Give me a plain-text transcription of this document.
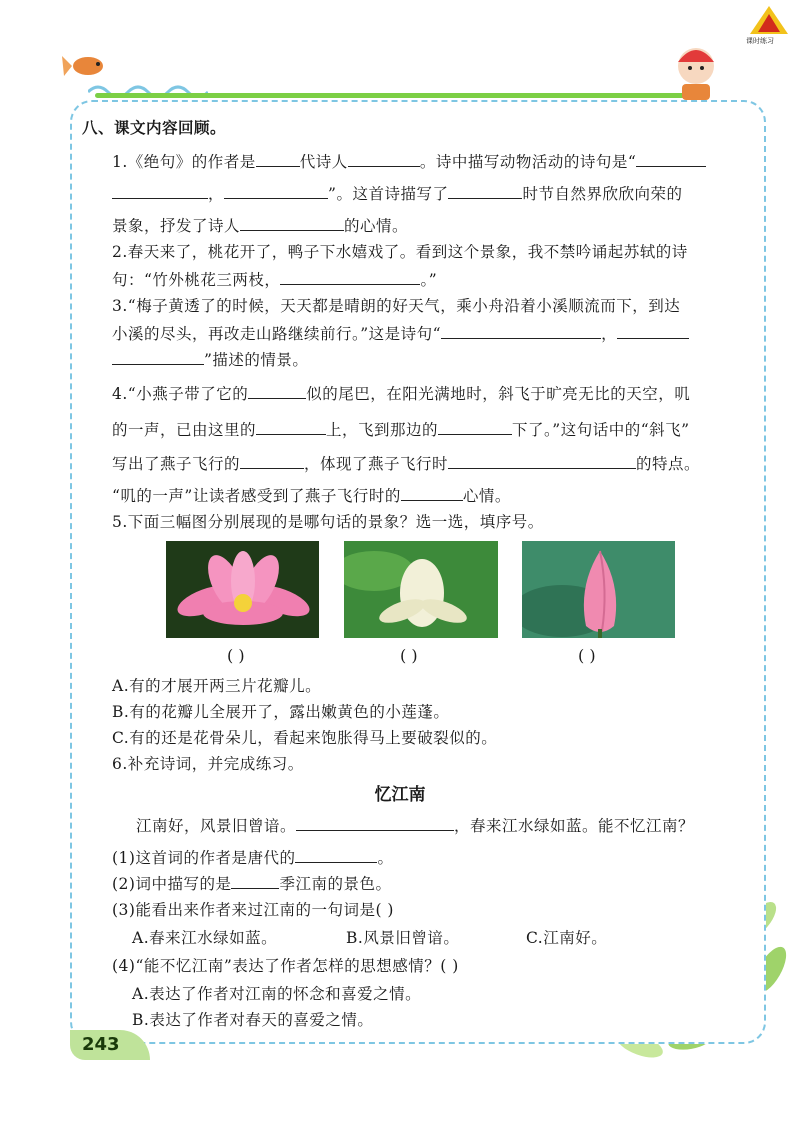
课时练习
八、课文内容回顾。
1.《绝句》的作者是	代诗人	。诗中描写动物活动的诗句是“
，	”。这首诗描写了	时节自然界欣欣向荣的
景象，抒发了诗人	的心情。
2.春天来了，桃花开了，鸭子下水嬉戏了。看到这个景象，我不禁吟诵起苏轼的诗
句：“竹外桃花三两枝，	。”
3.“梅子黄透了的时候，天天都是晴朗的好天气，乘小舟沿着小溪顺流而下，到达
小溪的尽头，再改走山路继续前行。”这是诗句“	，
”描述的情景。
4.“小燕子带了它的	似的尾巴，在阳光满地时，斜飞于旷亮无比的天空，叽
的一声，已由这里的	上，飞到那边的	下了。”这句话中的“斜飞”
写出了燕子飞行的	，体现了燕子飞行时	的特点。
“叽的一声”让读者感受到了燕子飞行时的	心情。
5.下面三幅图分别展现的是哪句话的景象？选一选，填序号。
( )	( )	( )
A.有的才展开两三片花瓣儿。
B.有的花瓣儿全展开了，露出嫩黄色的小莲蓬。
C.有的还是花骨朵儿，看起来饱胀得马上要破裂似的。
6.补充诗词，并完成练习。
忆江南
江南好，风景旧曾谙。	，春来江水绿如蓝。能不忆江南？
(1)这首词的作者是唐代的	。
(2)词中描写的是	季江南的景色。
(3)能看出来作者来过江南的一句词是( )
A.春来江水绿如蓝。	B.风景旧曾谙。	C.江南好。
(4)“能不忆江南”表达了作者怎样的思想感情？( )
A.表达了作者对江南的怀念和喜爱之情。
B.表达了作者对春天的喜爱之情。
243
